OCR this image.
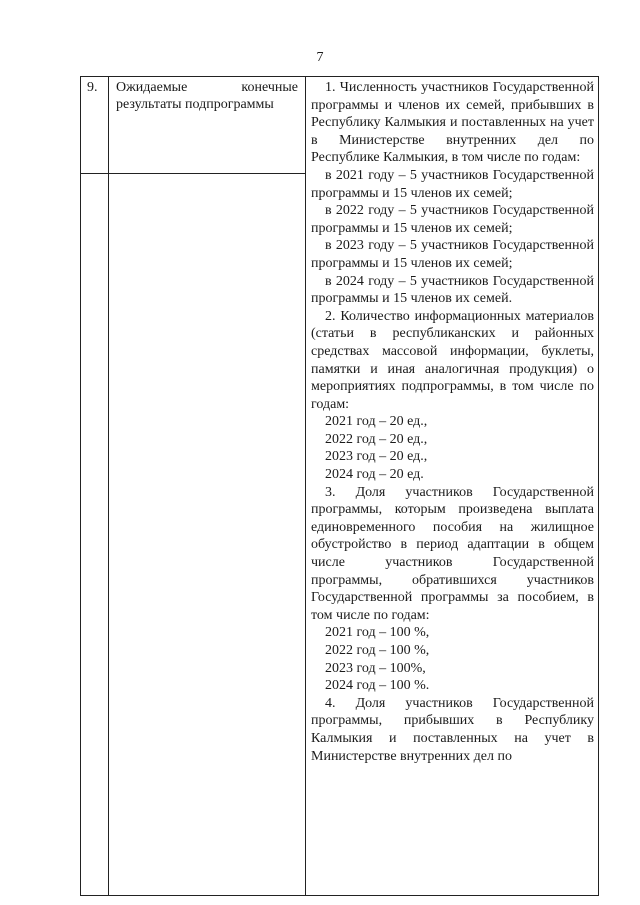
7
9. Ожидаемые конечные результаты подпрограммы

1. Численность участников Государственной программы и членов их семей, прибывших в Республику Калмыкия и поставленных на учет в Министерстве внутренних дел по Республике Калмыкия, в том числе по годам:

в 2021 году – 5 участников Государственной программы и 15 членов их семей;

в 2022 году – 5 участников Государственной программы и 15 членов их семей;

в 2023 году – 5 участников Государственной программы и 15 членов их семей;

в 2024 году – 5 участников Государственной программы и 15 членов их семей.

2. Количество информационных материалов (статьи в республиканских и районных средствах массовой информации, буклеты, памятки и иная аналогичная продукция) о мероприятиях подпрограммы, в том числе по годам:

2021 год – 20 ед.,

2022 год – 20 ед.,

2023 год – 20 ед.,

2024 год – 20 ед.

3. Доля участников Государственной программы, которым произведена выплата единовременного пособия на жилищное обустройство в период адаптации в общем числе участников Государственной программы, обратившихся участников Государственной программы за пособием, в том числе по годам:

2021 год – 100 %,

2022 год – 100 %,

2023 год – 100%,

2024 год – 100 %.

4. Доля участников Государственной программы, прибывших в Республику Калмыкия и поставленных на учет в Министерстве внутренних дел по
